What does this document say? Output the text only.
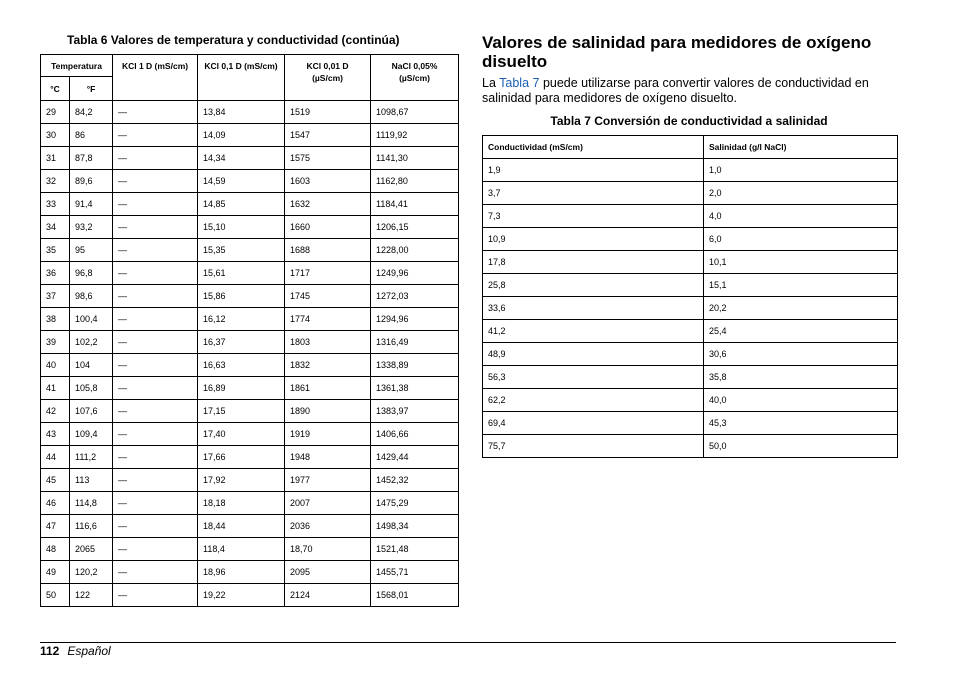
Tabla 6 Valores de temperatura y conductividad (continúa)
Temperatura		KCl 1 D (mS/cm)	KCl 0,1 D (mS/cm)	KCl 0,01 D (µS/cm)	NaCl 0,05% (µS/cm)
°C	°F				
29	84,2	—	13,84	1519	1098,67
30	86	—	14,09	1547	1119,92
31	87,8	—	14,34	1575	1141,30
32	89,6	—	14,59	1603	1162,80
33	91,4	—	14,85	1632	1184,41
34	93,2	—	15,10	1660	1206,15
35	95	—	15,35	1688	1228,00
36	96,8	—	15,61	1717	1249,96
37	98,6	—	15,86	1745	1272,03
38	100,4	—	16,12	1774	1294,96
39	102,2	—	16,37	1803	1316,49
40	104	—	16,63	1832	1338,89
41	105,8	—	16,89	1861	1361,38
42	107,6	—	17,15	1890	1383,97
43	109,4	—	17,40	1919	1406,66
44	111,2	—	17,66	1948	1429,44
45	113	—	17,92	1977	1452,32
46	114,8	—	18,18	2007	1475,29
47	116,6	—	18,44	2036	1498,34
48	2065	—	118,4	18,70	1521,48
49	120,2	—	18,96	2095	1455,71
50	122	—	19,22	2124	1568,01
Valores de salinidad para medidores de oxígeno disuelto

La Tabla 7 puede utilizarse para convertir valores de conductividad en salinidad para medidores de oxígeno disuelto.

Tabla 7 Conversión de conductividad a salinidad
Conductividad (mS/cm)	Salinidad (g/l NaCl)
1,9	1,0
3,7	2,0
7,3	4,0
10,9	6,0
17,8	10,1
25,8	15,1
33,6	20,2
41,2	25,4
48,9	30,6
56,3	35,8
62,2	40,0
69,4	45,3
75,7	50,0
112 Español
